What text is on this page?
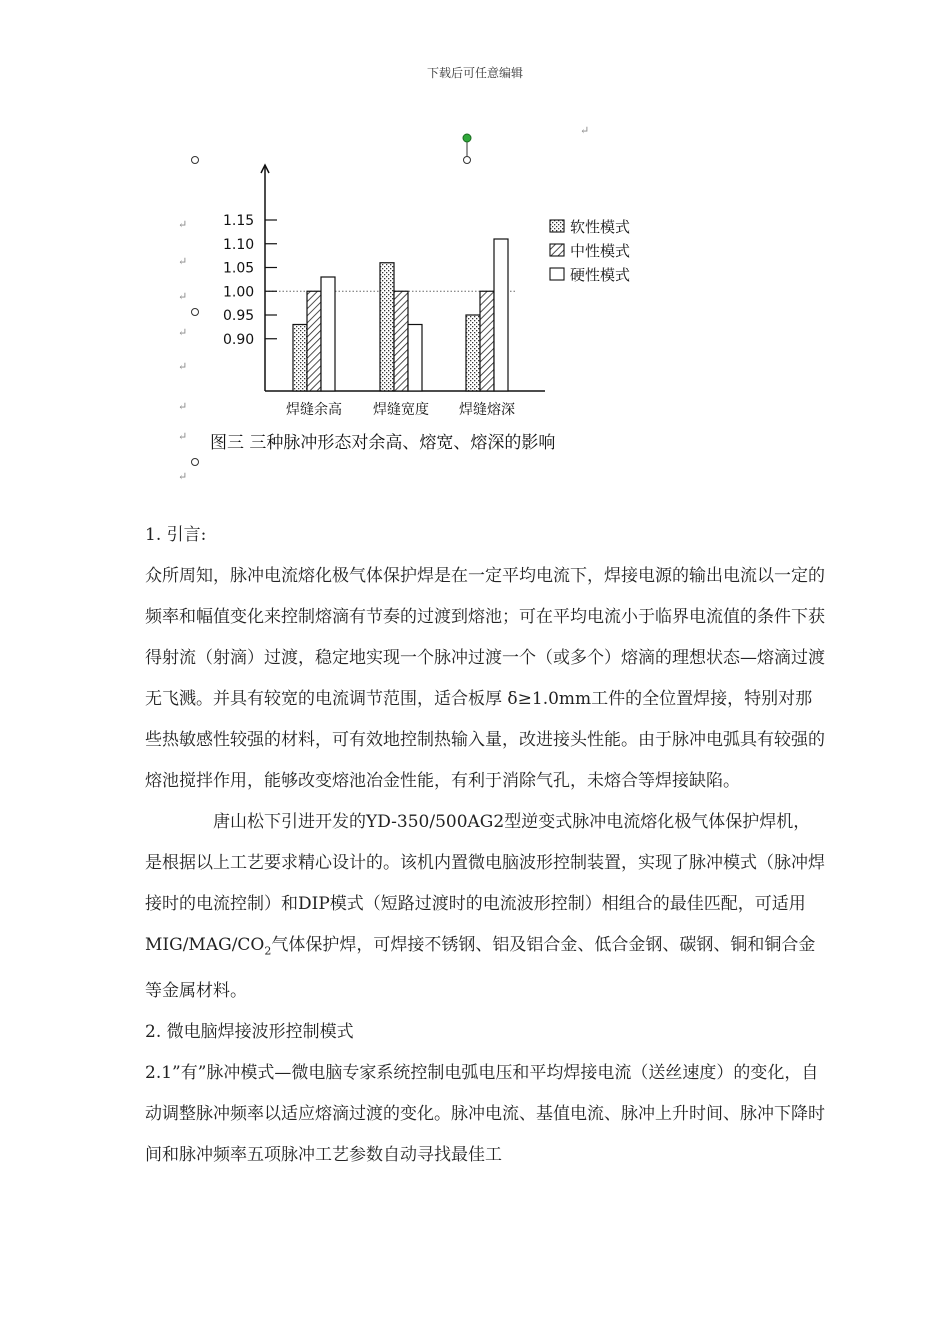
下载后可任意编辑
↵
↵
↵
↵
↵
↵
↵
↵
↵
1.15
1.10
1.05
1.00
0.95
0.90
焊缝余高 焊缝宽度 焊缝熔深
软性模式
中性模式
硬性模式
图三 三种脉冲形态对余高、熔宽、熔深的影响

1. 引言:

众所周知，脉冲电流熔化极气体保护焊是在一定平均电流下，焊接电源的输出电流以一定的频率和幅值变化来控制熔滴有节奏的过渡到熔池；可在平均电流小于临界电流值的条件下获得射流（射滴）过渡，稳定地实现一个脉冲过渡一个（或多个）熔滴的理想状态—熔滴过渡无飞溅。并具有较宽的电流调节范围，适合板厚 δ≥1.0mm工件的全位置焊接，特别对那些热敏感性较强的材料，可有效地控制热输入量，改进接头性能。由于脉冲电弧具有较强的熔池搅拌作用，能够改变熔池冶金性能，有利于消除气孔，未熔合等焊接缺陷。

唐山松下引进开发的YD-350/500AG2型逆变式脉冲电流熔化极气体保护焊机，是根据以上工艺要求精心设计的。该机内置微电脑波形控制装置，实现了脉冲模式（脉冲焊接时的电流控制）和DIP模式（短路过渡时的电流波形控制）相组合的最佳匹配，可适用MIG/$MAG/CO_2$气体保护焊，可焊接不锈钢、铝及铝合金、低合金钢、碳钢、铜和铜合金等金属材料。

2. 微电脑焊接波形控制模式

2.1”有”脉冲模式—微电脑专家系统控制电弧电压和平均焊接电流（送丝速度）的变化，自动调整脉冲频率以适应熔滴过渡的变化。脉冲电流、基值电流、脉冲上升时间、脉冲下降时间和脉冲频率五项脉冲工艺参数自动寻找最佳工
